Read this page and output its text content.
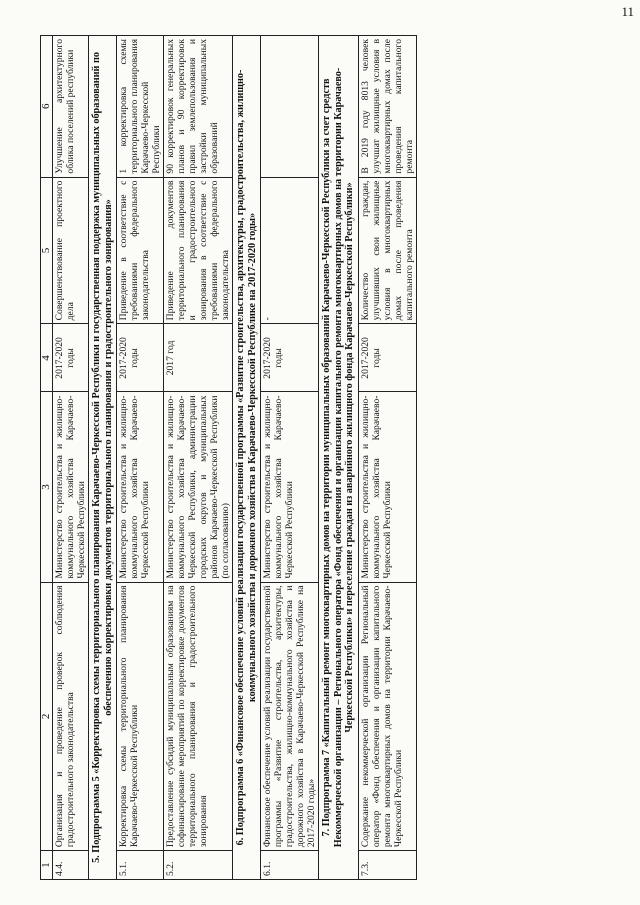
11
1	2	3	4	5	6
4.4.	Организация и проведение проверок соблюдения градостроительного законодательства	Министерство строительства и жилищно-коммунального хозяйства Карачаево-Черкесской Республики	2017-2020 годы	Совершенствование проектного дела	Улучшение архитектурного облика поселений республики
5. Подпрограмма 5 «Корректировка схемы территориального планирования Карачаево-Черкесской Республики и государственная поддержка муниципальных образований по обеспечению корректировки документов территориального планирования и градостроительного зонирования»					
5.1.	Корректировка схемы территориального планирования Карачаево-Черкесской Республики	Министерство строительства и жилищно-коммунального хозяйства Карачаево-Черкесской Республики	2017-2020 годы	Приведение в соответствие с требованиями федерального законодательства	1 корректировка схемы территориального планирования Карачаево-Черкесской Республики
5.2.	Предоставление субсидий муниципальным образованиям на софинансирование мероприятий по корректировке документов территориального планирования и градостроительного зонирования	Министерство строительства и жилищно-коммунального хозяйства Карачаево-Черкесской Республики, администрации городских округов и муниципальных районов Карачаево-Черкесской Республики (по согласованию)	2017 год	Приведение документов территориального планирования и градостроительного зонирования в соответствие с требованиями федерального законодательства	90 корректировок генеральных планов и 90 корректировок правил землепользования и застройки муниципальных образований
6. Подпрограмма 6 «Финансовое обеспечение условий реализации государственной программы «Развитие строительства, архитектуры, градостроительства, жилищно-коммунального хозяйства и дорожного хозяйства в Карачаево-Черкесской Республике на 2017-2020 годы»					
6.1.	Финансовое обеспечение условий реализации государственной программы «Развитие строительства, архитектуры, градостроительства, жилищно-коммунального хозяйства и дорожного хозяйства в Карачаево-Черкесской Республике на 2017-2020 годы»	Министерство строительства и жилищно-коммунального хозяйства Карачаево-Черкесской Республики	2017-2020 годы	-	
7. Подпрограмма 7 «Капитальный ремонт многоквартирных домов на территории муниципальных образований Карачаево-Черкесской Республики за счет средств Некоммерческой организации – Регионального оператора «Фонд обеспечения и организации капитального ремонта многоквартирных домов на территории Карачаево-Черкесской Республики» и переселение граждан из аварийного жилищного фонда Карачаево-Черкесской Республики»					
7.3.	Содержание некоммерческой организации Региональный оператор «Фонд обеспечения и организации капитального ремонта многоквартирных домов на территории Карачаево-Черкесской Республики	Министерство строительства и жилищно-коммунального хозяйства Карачаево-Черкесской Республики	2017-2020 годы	Количество граждан, улучшивших свои жилищные условия в многоквартирных домах после проведения капитального ремонта	В 2019 году 8013 человек улучшат жилищные условия в многоквартирных домах после проведения капитального ремонта
